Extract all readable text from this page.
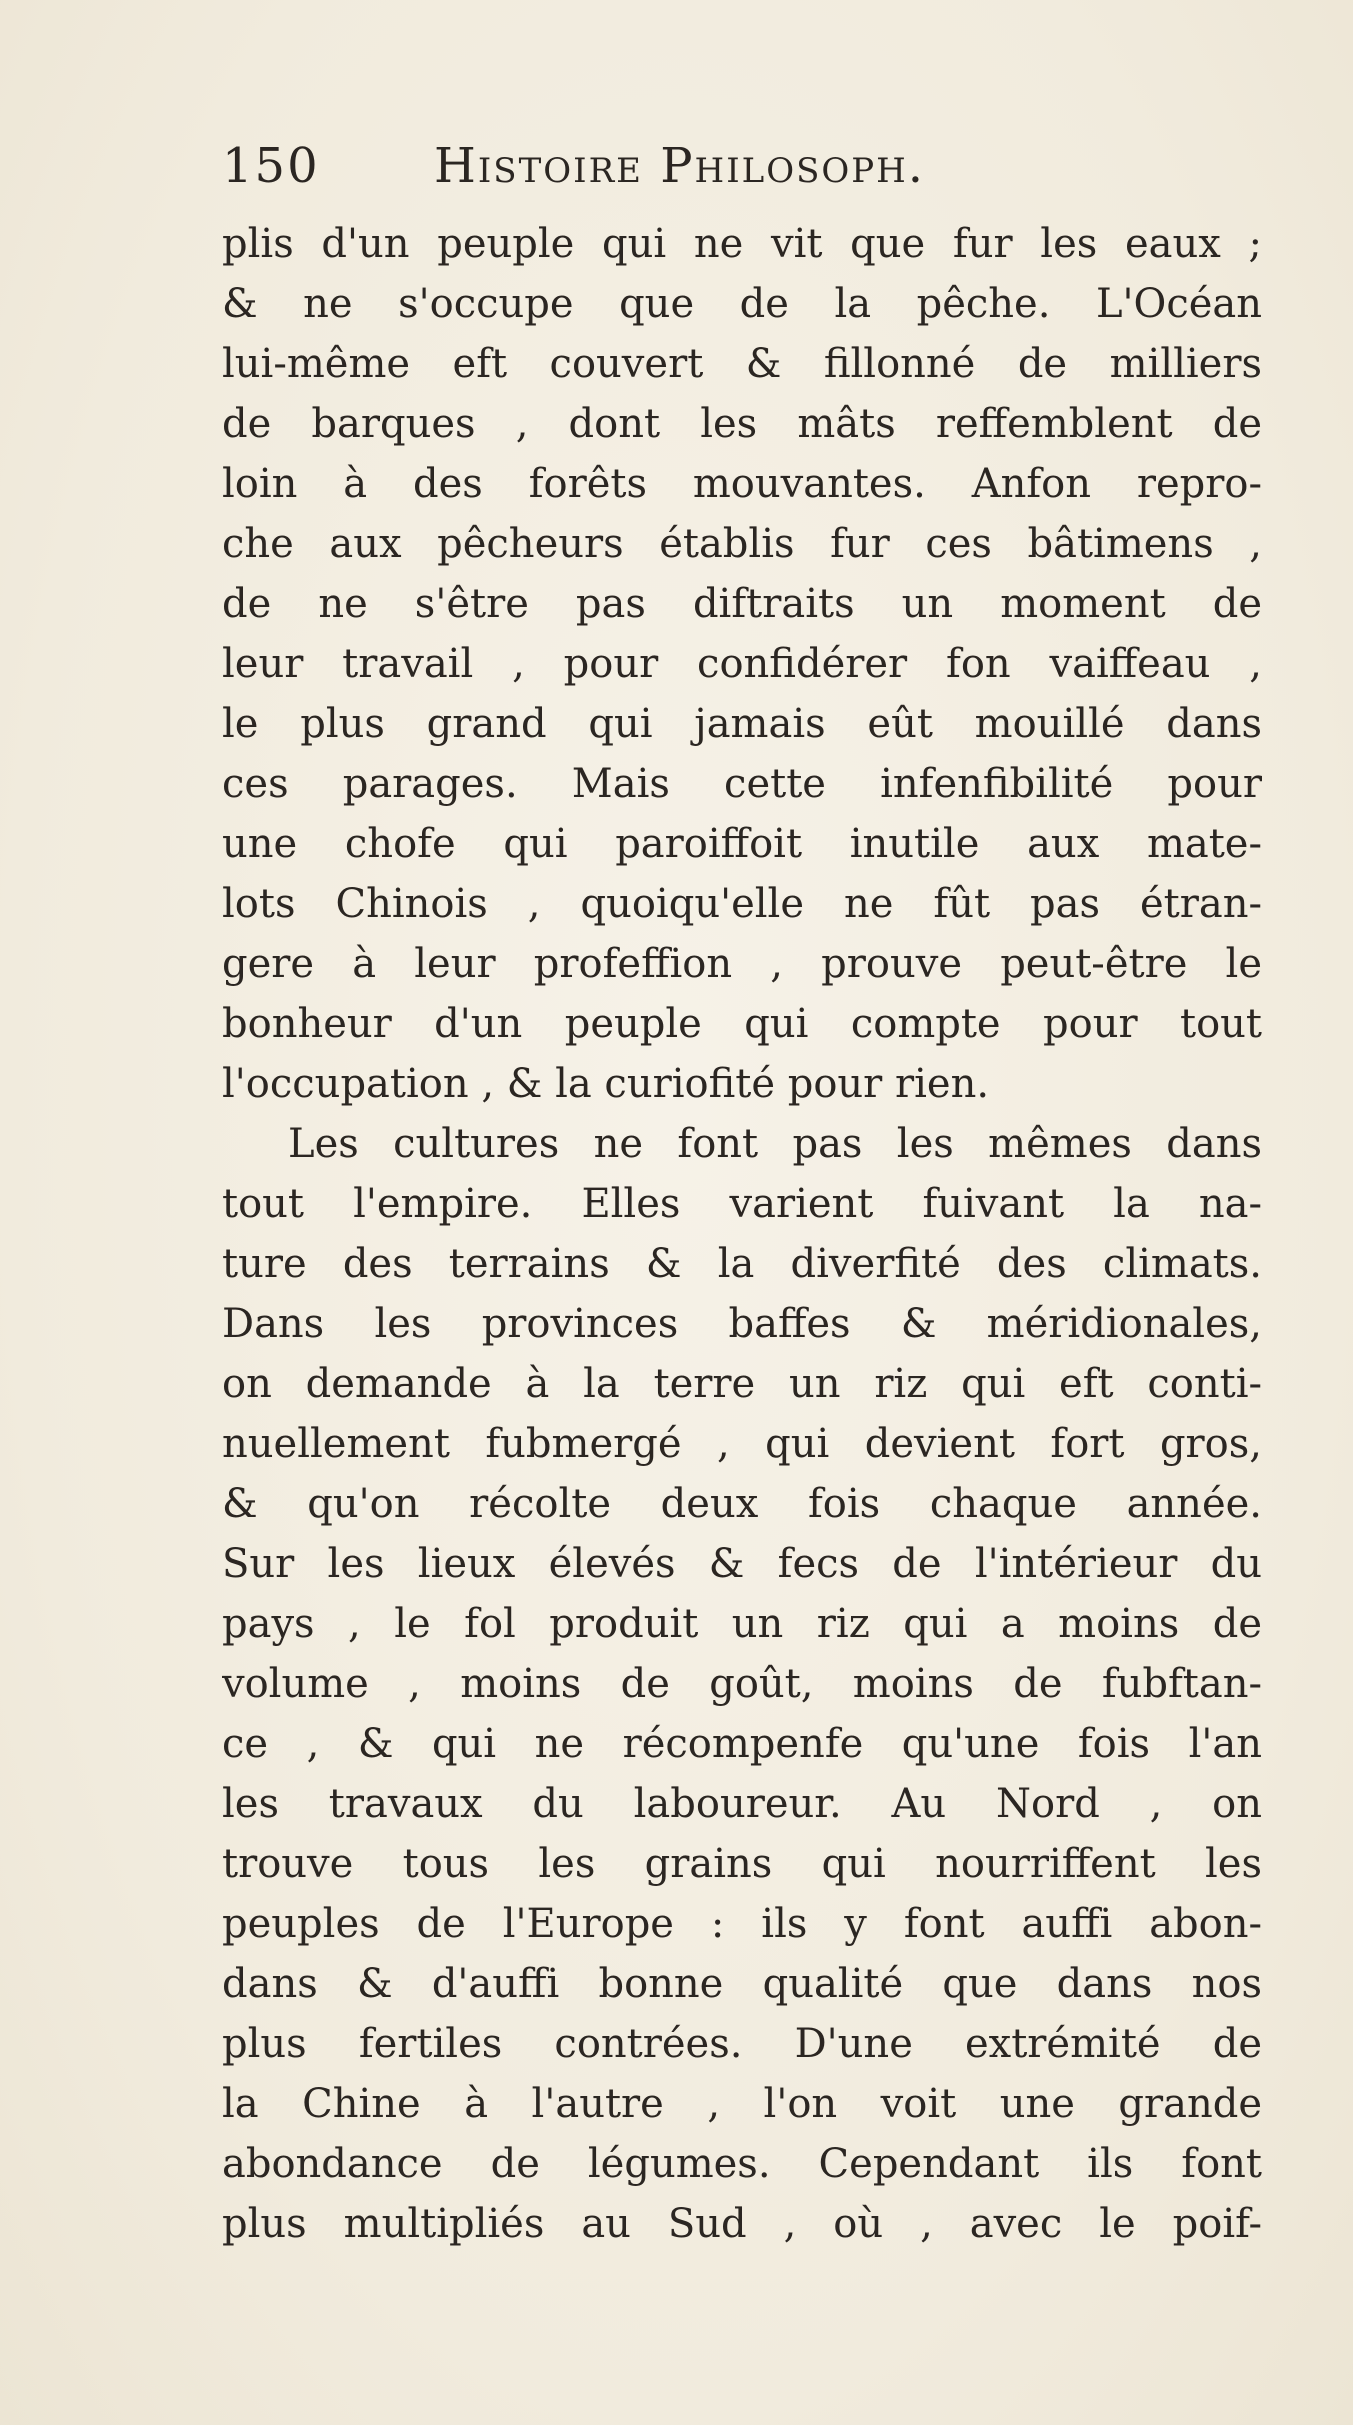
150 Histoire Philosoph.
plis d'un peuple qui ne vit que fur les eaux ;
& ne s'occupe que de la pêche. L'Océan
lui-même eft couvert & fillonné de milliers
de barques , dont les mâts reffemblent de
loin à des forêts mouvantes. Anfon repro-
che aux pêcheurs établis fur ces bâtimens ,
de ne s'être pas diftraits un moment de
leur travail , pour confidérer fon vaiffeau ,
le plus grand qui jamais eût mouillé dans
ces parages. Mais cette infenfibilité pour
une chofe qui paroiffoit inutile aux mate-
lots Chinois , quoiqu'elle ne fût pas étran-
gere à leur profeffion , prouve peut-être le
bonheur d'un peuple qui compte pour tout
l'occupation , & la curiofité pour rien.
Les cultures ne font pas les mêmes dans
tout l'empire. Elles varient fuivant la na-
ture des terrains & la diverfité des climats.
Dans les provinces baffes & méridionales,
on demande à la terre un riz qui eft conti-
nuellement fubmergé , qui devient fort gros,
& qu'on récolte deux fois chaque année.
Sur les lieux élevés & fecs de l'intérieur du
pays , le fol produit un riz qui a moins de
volume , moins de goût, moins de fubftan-
ce , & qui ne récompenfe qu'une fois l'an
les travaux du laboureur. Au Nord , on
trouve tous les grains qui nourriffent les
peuples de l'Europe : ils y font auffi abon-
dans & d'auffi bonne qualité que dans nos
plus fertiles contrées. D'une extrémité de
la Chine à l'autre , l'on voit une grande
abondance de légumes. Cependant ils font
plus multipliés au Sud , où , avec le poif-
